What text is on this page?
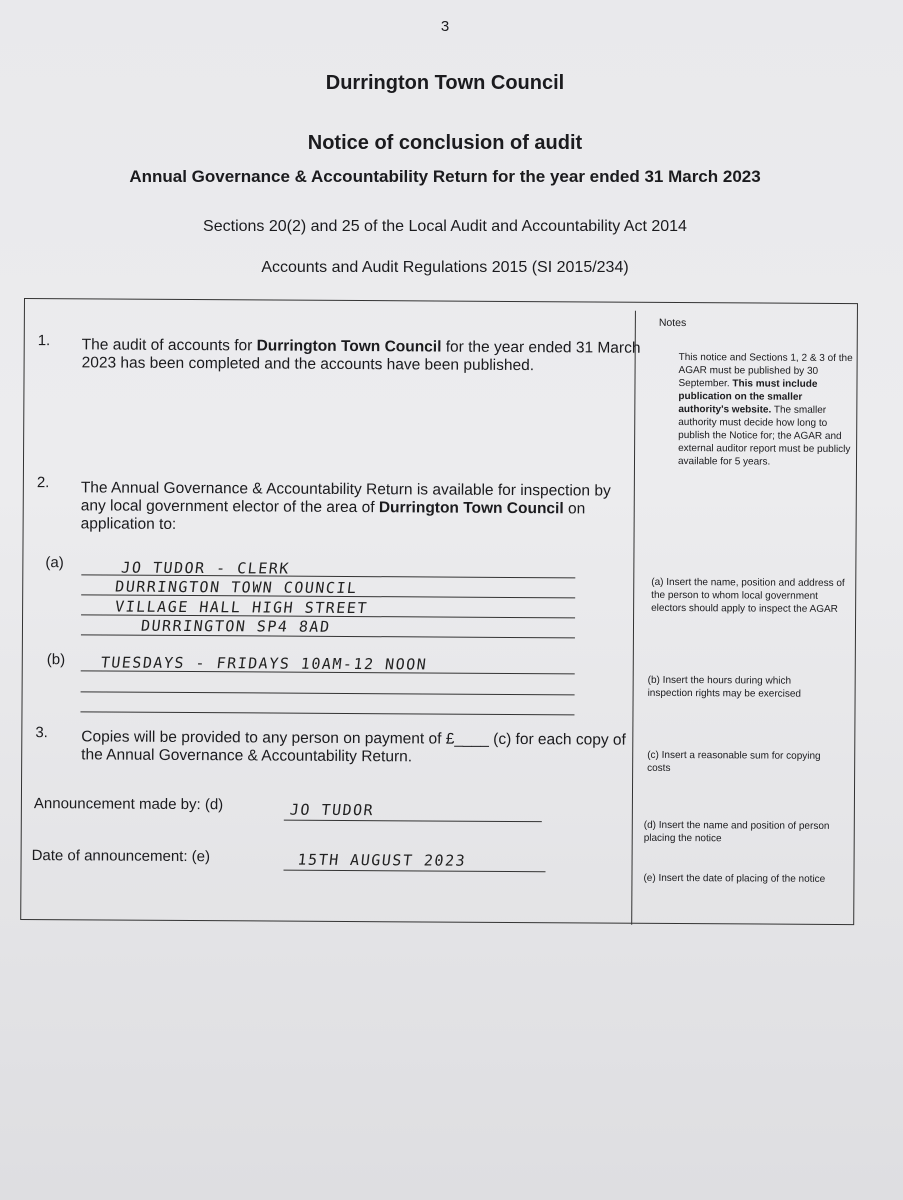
3
Durrington Town Council
Notice of conclusion of audit
Annual Governance & Accountability Return for the year ended 31 March 2023
Sections 20(2) and 25 of the Local Audit and Accountability Act 2014
Accounts and Audit Regulations 2015 (SI 2015/234)
1. The audit of accounts for Durrington Town Council for the year ended 31 March 2023 has been completed and the accounts have been published.
2. The Annual Governance & Accountability Return is available for inspection by any local government elector of the area of Durrington Town Council on application to:
(a)	JO TUDOR - CLERK
DURRINGTON TOWN COUNCIL
VILLAGE HALL HIGH STREET
DURRINGTON SP4 8AD
(b) TUESDAYS - FRIDAYS 10AM-12 NOON
3. Copies will be provided to any person on payment of £____ (c) for each copy of the Annual Governance & Accountability Return.
Announcement made by: (d)	JO TUDOR
Date of announcement: (e)	15TH AUGUST 2023
Notes
This notice and Sections 1, 2 & 3 of the AGAR must be published by 30 September. This must include publication on the smaller authority's website. The smaller authority must decide how long to publish the Notice for; the AGAR and external auditor report must be publicly available for 5 years.
(a) Insert the name, position and address of the person to whom local government electors should apply to inspect the AGAR
(b) Insert the hours during which inspection rights may be exercised
(c) Insert a reasonable sum for copying costs
(d) Insert the name and position of person placing the notice
(e) Insert the date of placing of the notice
